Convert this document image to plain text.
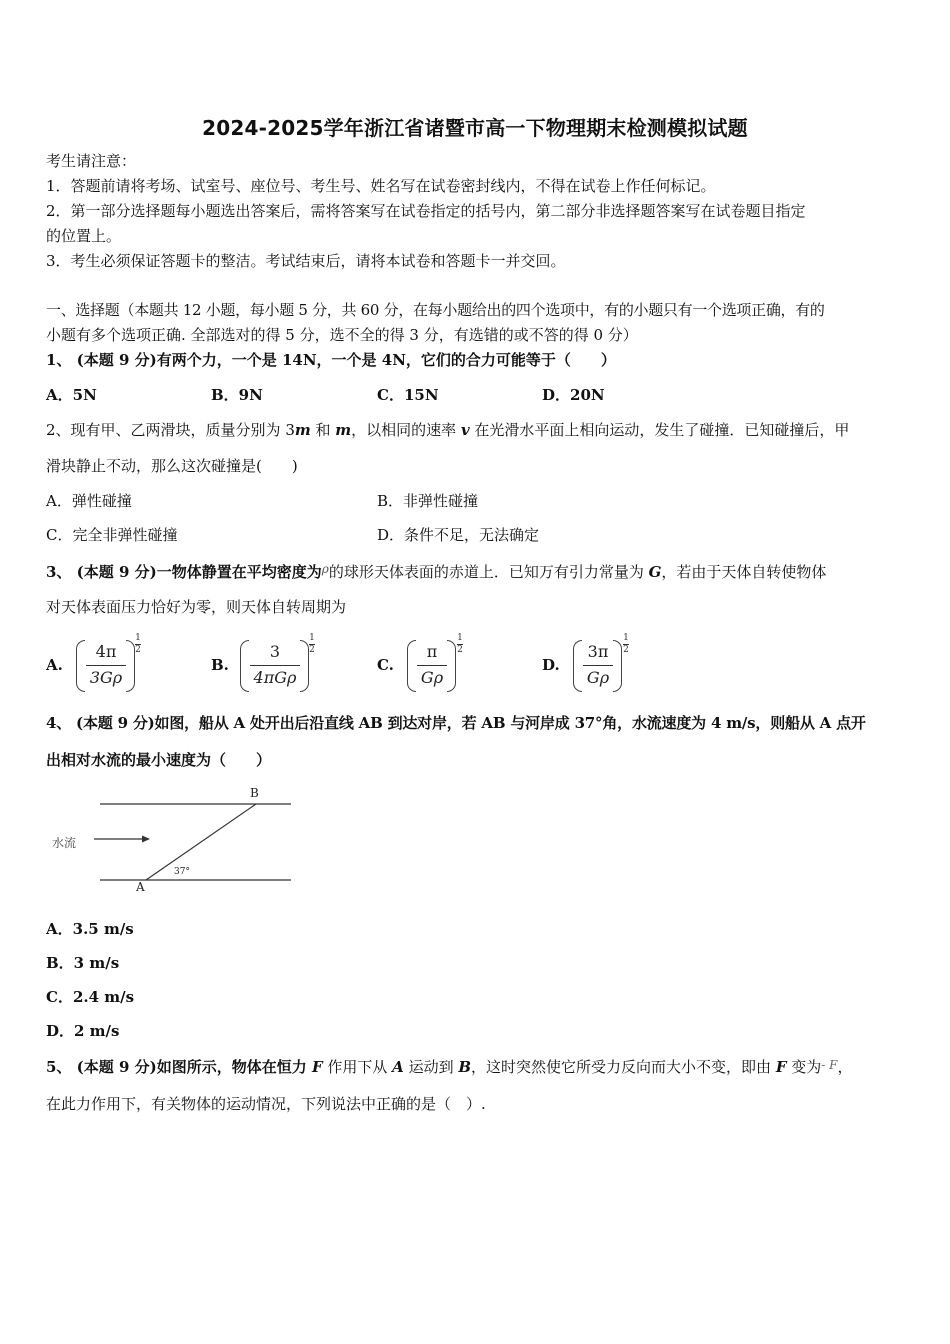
2024-2025学年浙江省诸暨市高一下物理期末检测模拟试题
考生请注意：
1．答题前请将考场、试室号、座位号、考生号、姓名写在试卷密封线内，不得在试卷上作任何标记。
2．第一部分选择题每小题选出答案后，需将答案写在试卷指定的括号内，第二部分非选择题答案写在试卷题目指定
的位置上。
3．考生必须保证答题卡的整洁。考试结束后，请将本试卷和答题卡一并交回。
一、选择题（本题共 12 小题，每小题 5 分，共 60 分，在每小题给出的四个选项中，有的小题只有一个选项正确，有的
小题有多个选项正确. 全部选对的得 5 分，选不全的得 3 分，有选错的或不答的得 0 分）
1、 (本题 9 分)有两个力，一个是 14N，一个是 4N，它们的合力可能等于（　　）
A．5N	B．9N	C．15N	D．20N
2、现有甲、乙两滑块，质量分别为 3m 和 m，以相同的速率 v 在光滑水平面上相向运动，发生了碰撞．已知碰撞后，甲
滑块静止不动，那么这次碰撞是(　　)
A．弹性碰撞	B．非弹性碰撞
C．完全非弹性碰撞	D．条件不足，无法确定
3、 (本题 9 分)一物体静置在平均密度为$^\rho$的球形天体表面的赤道上．已知万有引力常量为 G，若由于天体自转使物体
对天体表面压力恰好为零，则天体自转周期为
A.
4π
3Gρ
1
2
B.
3
4πGρ
1
2
C.
π
Gρ
1
2
D.
3π
Gρ
1
2
4、 (本题 9 分)如图，船从 A 处开出后沿直线 AB 到达对岸，若 AB 与河岸成 37°角，水流速度为 4 m/s，则船从 A 点开
出相对水流的最小速度为（　　）
水流
B
A
37°
A．3.5 m/s
B．3 m/s
C．2.4 m/s
D．2 m/s
5、 (本题 9 分)如图所示，物体在恒力 F 作用下从 A 运动到 B，这时突然使它所受力反向而大小不变，即由 F 变为$^{- F}$，
在此力作用下，有关物体的运动情况，下列说法中正确的是（　）.
